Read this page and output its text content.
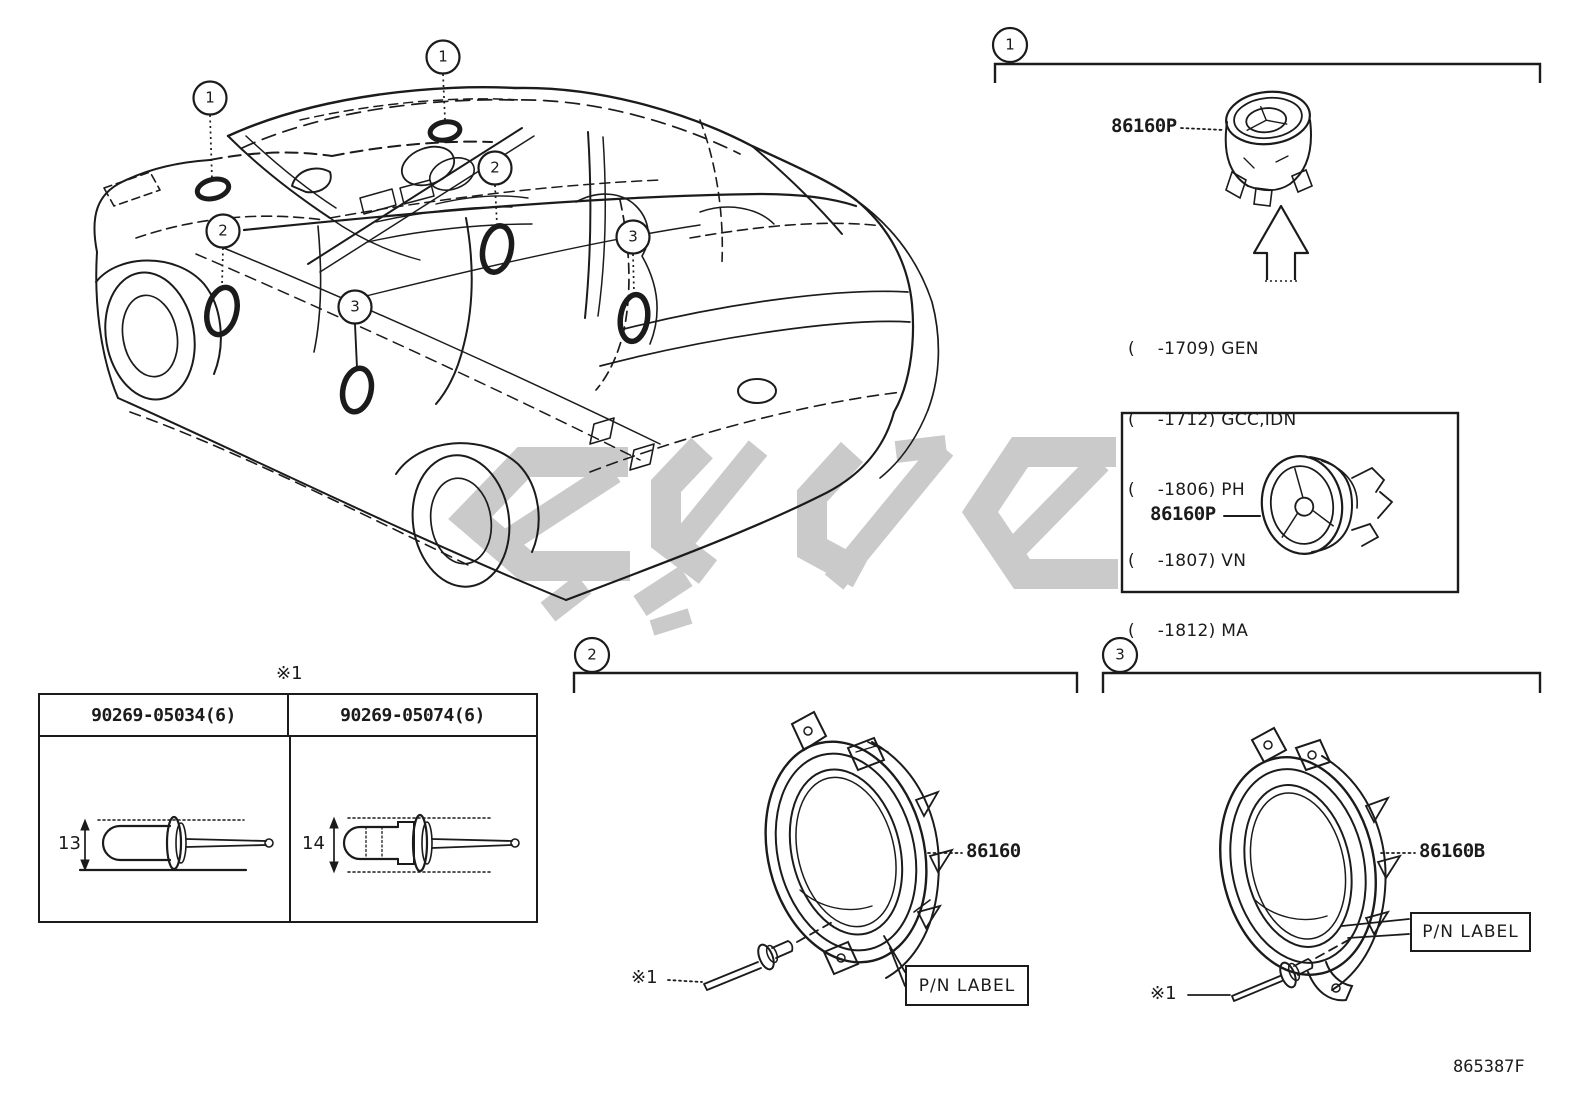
1
1
2
2
3
3
1
2	3
86160P
86160P
86160	86160B

(    -1709) GEN

(    -1712) GCC,IDN

(    -1806) PH

(    -1807) VN

(    -1812) MA

※1
※1
※1
13	14
90269-05034(6)	90269-05074(6)
P/N LABEL
P/N LABEL
865387F
